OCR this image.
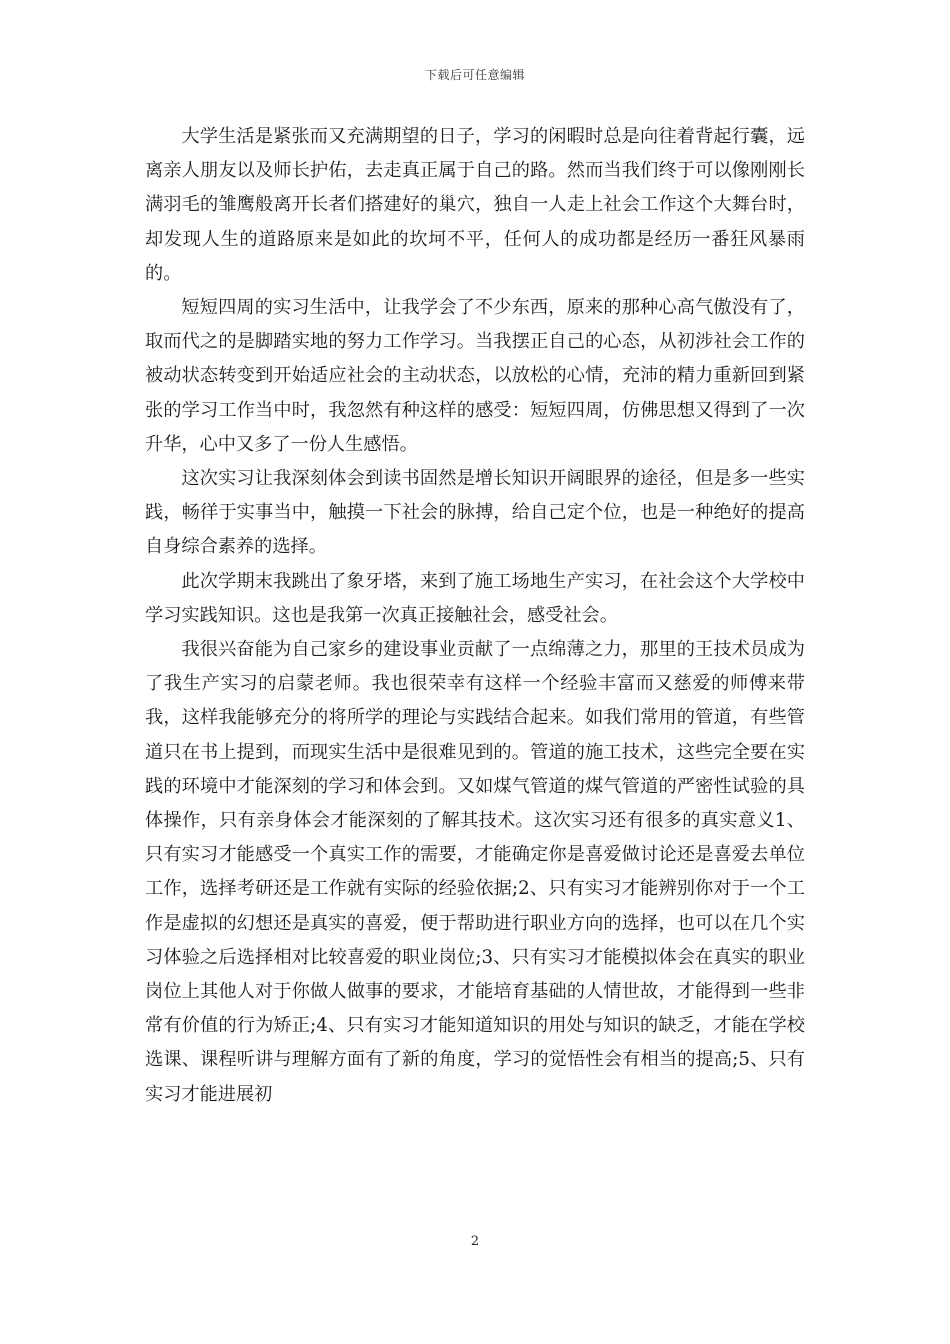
下载后可任意编辑

大学生活是紧张而又充满期望的日子，学习的闲暇时总是向往着背起行囊，远离亲人朋友以及师长护佑，去走真正属于自己的路。然而当我们终于可以像刚刚长满羽毛的雏鹰般离开长者们搭建好的巢穴，独自一人走上社会工作这个大舞台时，却发现人生的道路原来是如此的坎坷不平，任何人的成功都是经历一番狂风暴雨的。

短短四周的实习生活中，让我学会了不少东西，原来的那种心高气傲没有了，取而代之的是脚踏实地的努力工作学习。当我摆正自己的心态，从初涉社会工作的被动状态转变到开始适应社会的主动状态，以放松的心情，充沛的精力重新回到紧张的学习工作当中时，我忽然有种这样的感受：短短四周，仿佛思想又得到了一次升华，心中又多了一份人生感悟。

这次实习让我深刻体会到读书固然是增长知识开阔眼界的途径，但是多一些实践，畅徉于实事当中，触摸一下社会的脉搏，给自己定个位，也是一种绝好的提高自身综合素养的选择。

此次学期末我跳出了象牙塔，来到了施工场地生产实习，在社会这个大学校中学习实践知识。这也是我第一次真正接触社会，感受社会。

我很兴奋能为自己家乡的建设事业贡献了一点绵薄之力，那里的王技术员成为了我生产实习的启蒙老师。我也很荣幸有这样一个经验丰富而又慈爱的师傅来带我，这样我能够充分的将所学的理论与实践结合起来。如我们常用的管道，有些管道只在书上提到，而现实生活中是很难见到的。管道的施工技术，这些完全要在实践的环境中才能深刻的学习和体会到。又如煤气管道的煤气管道的严密性试验的具体操作，只有亲身体会才能深刻的了解其技术。这次实习还有很多的真实意义1、只有实习才能感受一个真实工作的需要，才能确定你是喜爱做讨论还是喜爱去单位工作，选择考研还是工作就有实际的经验依据;2、只有实习才能辨别你对于一个工作是虚拟的幻想还是真实的喜爱，便于帮助进行职业方向的选择，也可以在几个实习体验之后选择相对比较喜爱的职业岗位;3、只有实习才能模拟体会在真实的职业岗位上其他人对于你做人做事的要求，才能培育基础的人情世故，才能得到一些非常有价值的行为矫正;4、只有实习才能知道知识的用处与知识的缺乏，才能在学校选课、课程听讲与理解方面有了新的角度，学习的觉悟性会有相当的提高;5、只有实习才能进展初

2
